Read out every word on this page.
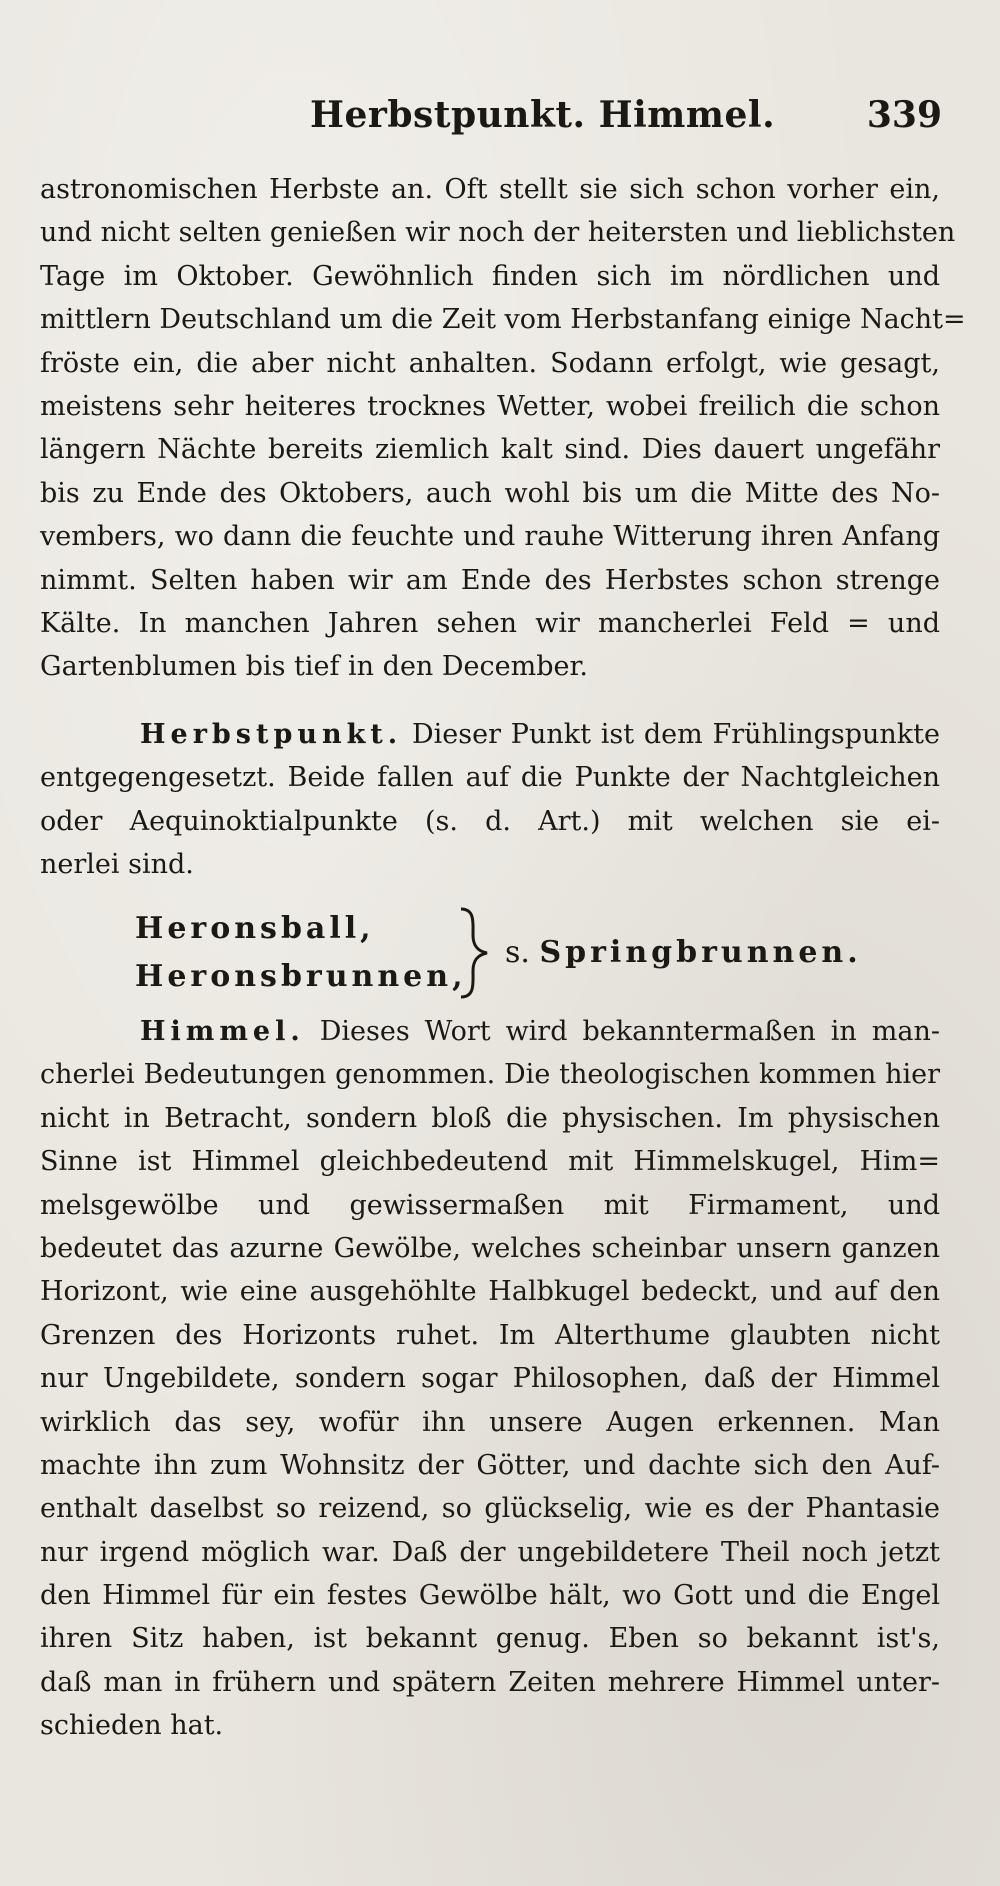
Herbstpunkt. Himmel.	339
astronomischen Herbste an. Oft stellt sie sich schon vorher ein,
und nicht selten genießen wir noch der heitersten und lieblichsten
Tage im Oktober. Gewöhnlich finden sich im nördlichen und
mittlern Deutschland um die Zeit vom Herbstanfang einige Nacht=
fröste ein, die aber nicht anhalten. Sodann erfolgt, wie gesagt,
meistens sehr heiteres trocknes Wetter, wobei freilich die schon
längern Nächte bereits ziemlich kalt sind. Dies dauert ungefähr
bis zu Ende des Oktobers, auch wohl bis um die Mitte des No-
vembers, wo dann die feuchte und rauhe Witterung ihren Anfang
nimmt. Selten haben wir am Ende des Herbstes schon strenge
Kälte. In manchen Jahren sehen wir mancherlei Feld = und
Gartenblumen bis tief in den December.
Herbstpunkt. Dieser Punkt ist dem Frühlingspunkte
entgegengesetzt. Beide fallen auf die Punkte der Nachtgleichen
oder Aequinoktialpunkte (s. d. Art.) mit welchen sie ei-
nerlei sind.
Heronsball,
Heronsbrunnen,
s. Springbrunnen.
Himmel. Dieses Wort wird bekanntermaßen in man-
cherlei Bedeutungen genommen. Die theologischen kommen hier
nicht in Betracht, sondern bloß die physischen. Im physischen
Sinne ist Himmel gleichbedeutend mit Himmelskugel, Him=
melsgewölbe und gewissermaßen mit Firmament, und
bedeutet das azurne Gewölbe, welches scheinbar unsern ganzen
Horizont, wie eine ausgehöhlte Halbkugel bedeckt, und auf den
Grenzen des Horizonts ruhet. Im Alterthume glaubten nicht
nur Ungebildete, sondern sogar Philosophen, daß der Himmel
wirklich das sey, wofür ihn unsere Augen erkennen. Man
machte ihn zum Wohnsitz der Götter, und dachte sich den Auf-
enthalt daselbst so reizend, so glückselig, wie es der Phantasie
nur irgend möglich war. Daß der ungebildetere Theil noch jetzt
den Himmel für ein festes Gewölbe hält, wo Gott und die Engel
ihren Sitz haben, ist bekannt genug. Eben so bekannt ist's,
daß man in frühern und spätern Zeiten mehrere Himmel unter-
schieden hat.
